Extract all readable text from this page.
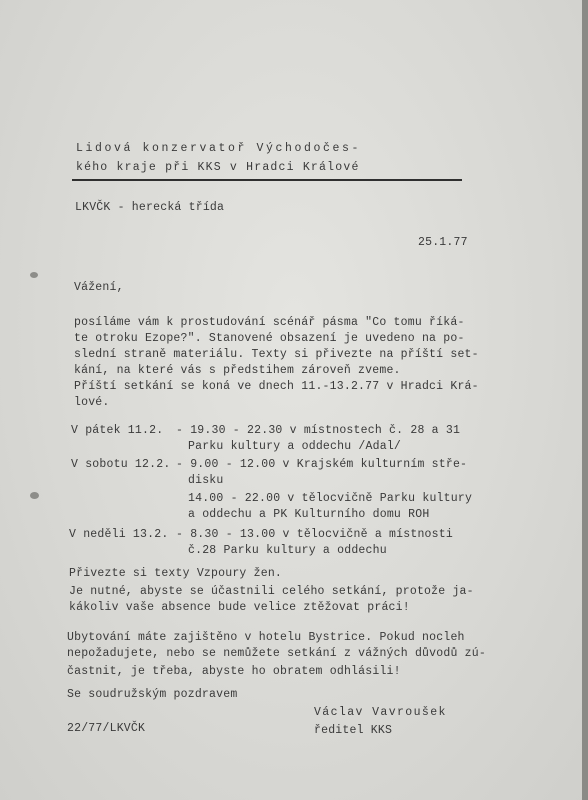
Lidová konzervatoř Východočes-
kého kraje při KKS v Hradci Králové
LKVČK - herecká třída
25.1.77
Vážení,
posíláme vám k prostudování scénář pásma "Co tomu říká-
te otroku Ezope?". Stanovené obsazení je uvedeno na po-
slední straně materiálu. Texty si přivezte na příští set-
kání, na které vás s předstihem zároveň zveme.
Příští setkání se koná ve dnech 11.-13.2.77 v Hradci Krá-
lové.
V pátek 11.2. - 19.30 - 22.30 v místnostech č. 28 a 31
Parku kultury a oddechu /Adal/
V sobotu 12.2. - 9.00 - 12.00 v Krajském kulturním stře-
disku
14.00 - 22.00 v tělocvičně Parku kultury
a oddechu a PK Kulturního domu ROH
V neděli 13.2. - 8.30 - 13.00 v tělocvičně a místnosti
č.28 Parku kultury a oddechu
Přivezte si texty Vzpoury žen.
Je nutné, abyste se účastnili celého setkání, protože ja-
kákoliv vaše absence bude velice ztěžovat práci!
Ubytování máte zajištěno v hotelu Bystrice. Pokud nocleh
nepožadujete, nebo se nemůžete setkání z vážných důvodů zú-
častnit, je třeba, abyste ho obratem odhlásili!
Se soudružským pozdravem
Václav Vavroušek
ředitel KKS
22/77/LKVČK
